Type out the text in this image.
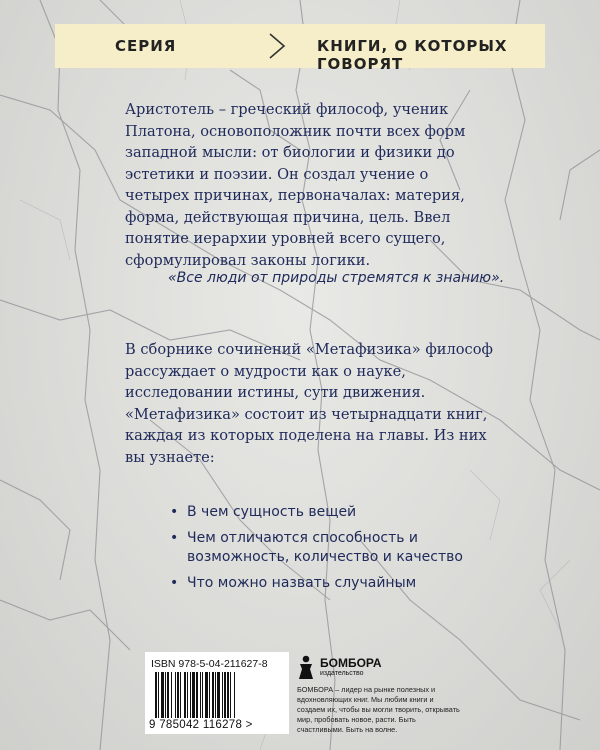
СЕРИЯ	КНИГИ, О КОТОРЫХ ГОВОРЯТ

Аристотель – греческий философ, ученик Платона, основоположник почти всех форм западной мысли: от биологии и физики до эстетики и поэзии. Он создал учение о четырех причинах, первоначалах: материя, форма, действующая причина, цель. Ввел понятие иерархии уровней всего сущего, сформулировал законы логики.

«Все люди от природы стремятся к знанию».

В сборнике сочинений «Метафизика» философ рассуждает о мудрости как о науке, исследовании истины, сути движения. «Метафизика» состоит из четырнадцати книг, каждая из которых поделена на главы. Из них вы узнаете:

• В чем сущность вещей
• Чем отличаются способность и возможность, количество и качество
• Что можно назвать случайным
ISBN 978-5-04-211627-8
9 785042 116278 >
БОМБОРА
издательство

БОМБОРА – лидер на рынке полезных и вдохновляющих книг. Мы любим книги и создаем их, чтобы вы могли творить, открывать мир, пробовать новое, расти. Быть счастливыми. Быть на волне.
